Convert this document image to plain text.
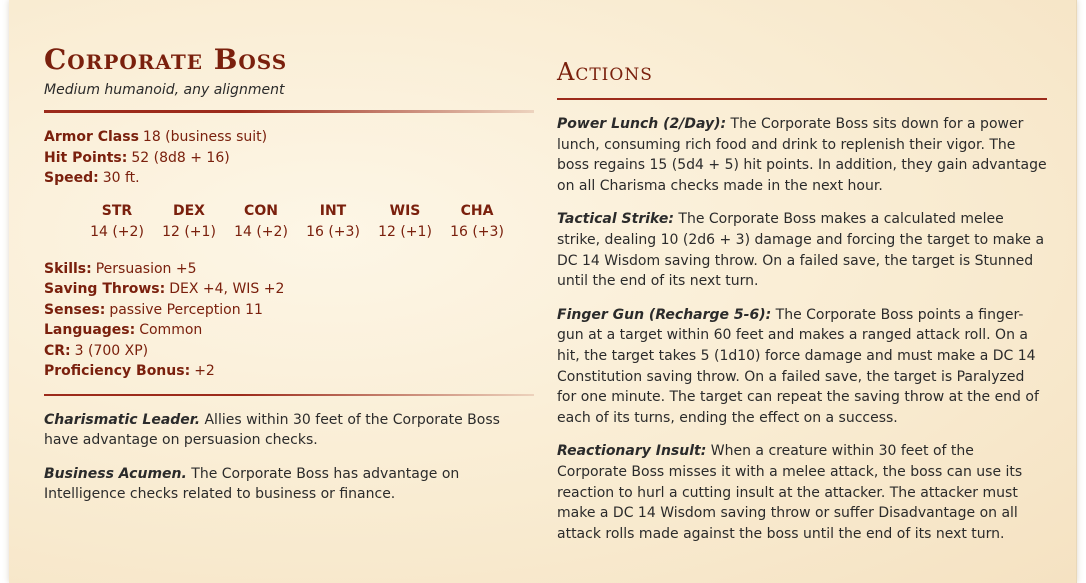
Corporate Boss
Medium humanoid, any alignment
Armor Class 18 (business suit)
Hit Points: 52 (8d8 + 16)
Speed: 30 ft.
STR
14 (+2)
DEX
12 (+1)
CON
14 (+2)
INT
16 (+3)
WIS
12 (+1)
CHA
16 (+3)
Skills: Persuasion +5
Saving Throws: DEX +4, WIS +2
Senses: passive Perception 11
Languages: Common
CR: 3 (700 XP)
Proficiency Bonus: +2
Charismatic Leader. Allies within 30 feet of the Corporate Boss have advantage on persuasion checks.
Business Acumen. The Corporate Boss has advantage on Intelligence checks related to business or finance.
Actions
Power Lunch (2/Day): The Corporate Boss sits down for a power lunch, consuming rich food and drink to replenish their vigor. The boss regains 15 (5d4 + 5) hit points. In addition, they gain advantage on all Charisma checks made in the next hour.
Tactical Strike: The Corporate Boss makes a calculated melee strike, dealing 10 (2d6 + 3) damage and forcing the target to make a DC 14 Wisdom saving throw. On a failed save, the target is Stunned until the end of its next turn.
Finger Gun (Recharge 5-6): The Corporate Boss points a finger-gun at a target within 60 feet and makes a ranged attack roll. On a hit, the target takes 5 (1d10) force damage and must make a DC 14 Constitution saving throw. On a failed save, the target is Paralyzed for one minute. The target can repeat the saving throw at the end of each of its turns, ending the effect on a success.
Reactionary Insult: When a creature within 30 feet of the Corporate Boss misses it with a melee attack, the boss can use its reaction to hurl a cutting insult at the attacker. The attacker must make a DC 14 Wisdom saving throw or suffer Disadvantage on all attack rolls made against the boss until the end of its next turn.
